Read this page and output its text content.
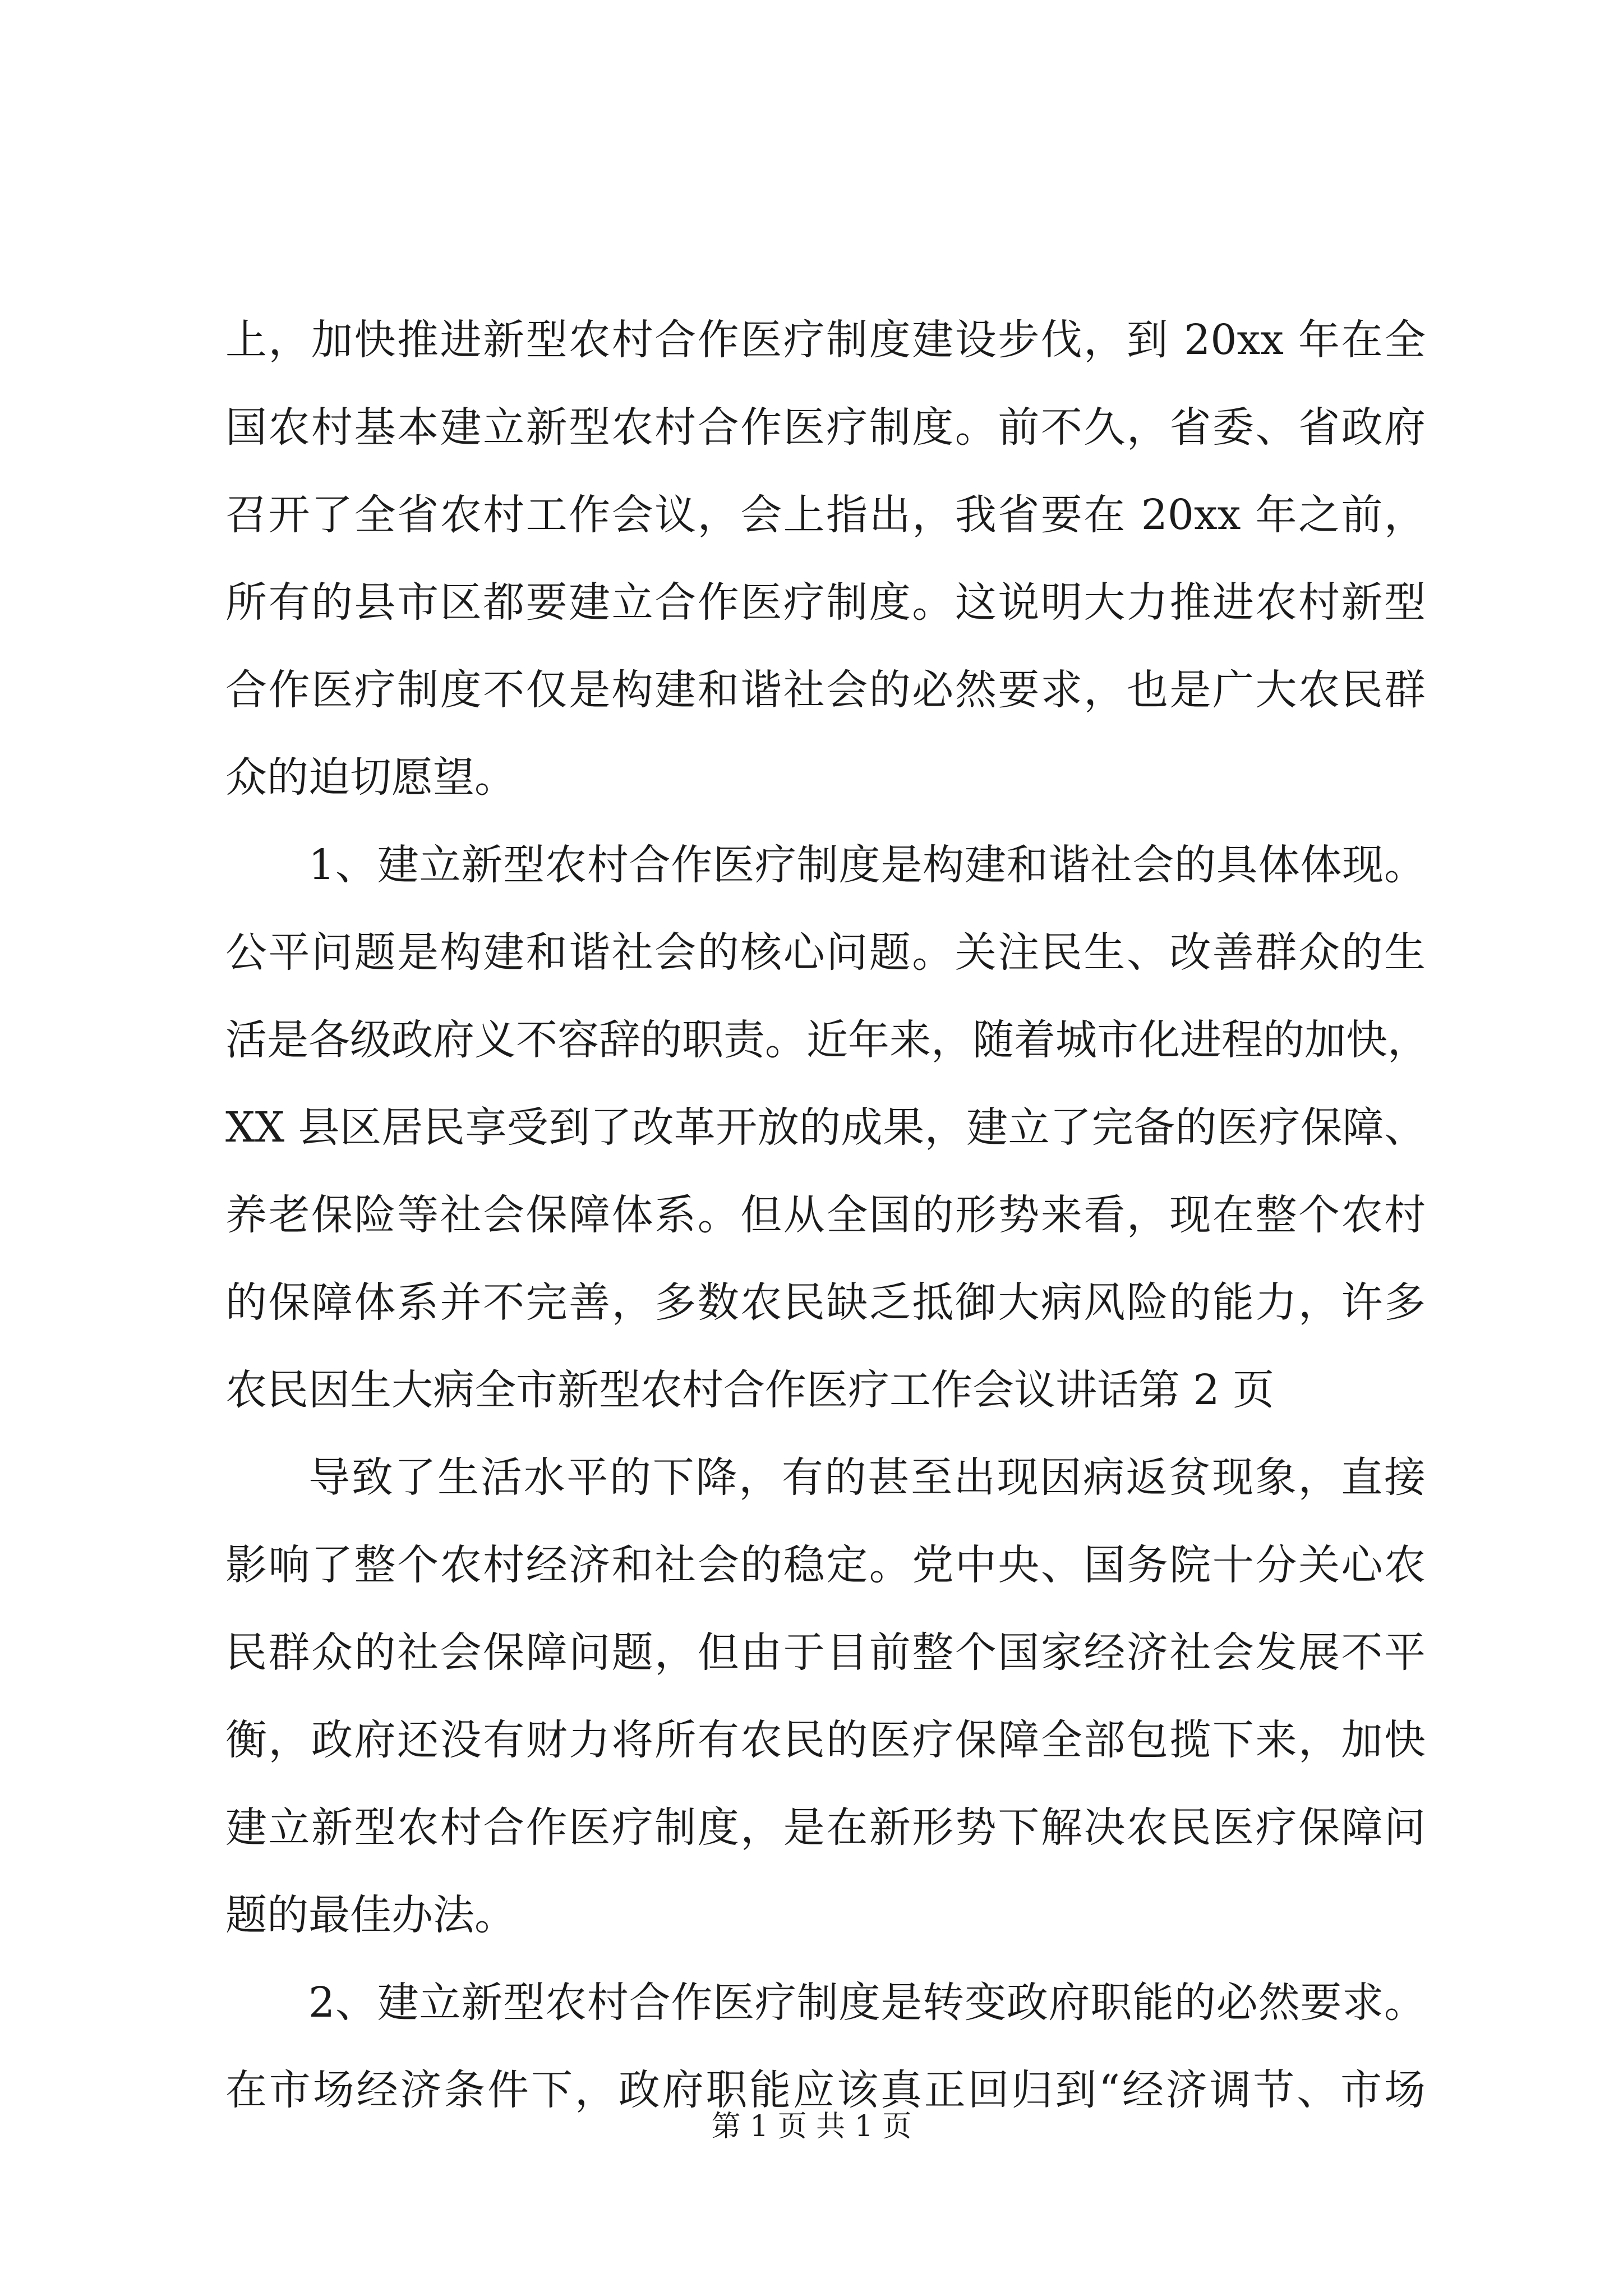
上，加快推进新型农村合作医疗制度建设步伐，到 20xx 年在全
国农村基本建立新型农村合作医疗制度。前不久，省委、省政府
召开了全省农村工作会议，会上指出，我省要在 20xx 年之前，
所有的县市区都要建立合作医疗制度。这说明大力推进农村新型
合作医疗制度不仅是构建和谐社会的必然要求，也是广大农民群
众的迫切愿望。
1、建立新型农村合作医疗制度是构建和谐社会的具体体现。
公平问题是构建和谐社会的核心问题。关注民生、改善群众的生
活是各级政府义不容辞的职责。近年来，随着城市化进程的加快，
XX 县区居民享受到了改革开放的成果，建立了完备的医疗保障、
养老保险等社会保障体系。但从全国的形势来看，现在整个农村
的保障体系并不完善，多数农民缺乏抵御大病风险的能力，许多
农民因生大病全市新型农村合作医疗工作会议讲话第 2 页
导致了生活水平的下降，有的甚至出现因病返贫现象，直接
影响了整个农村经济和社会的稳定。党中央、国务院十分关心农
民群众的社会保障问题，但由于目前整个国家经济社会发展不平
衡，政府还没有财力将所有农民的医疗保障全部包揽下来，加快
建立新型农村合作医疗制度，是在新形势下解决农民医疗保障问
题的最佳办法。
2、建立新型农村合作医疗制度是转变政府职能的必然要求。
在市场经济条件下，政府职能应该真正回归到“经济调节、市场
第 1 页 共 1 页
